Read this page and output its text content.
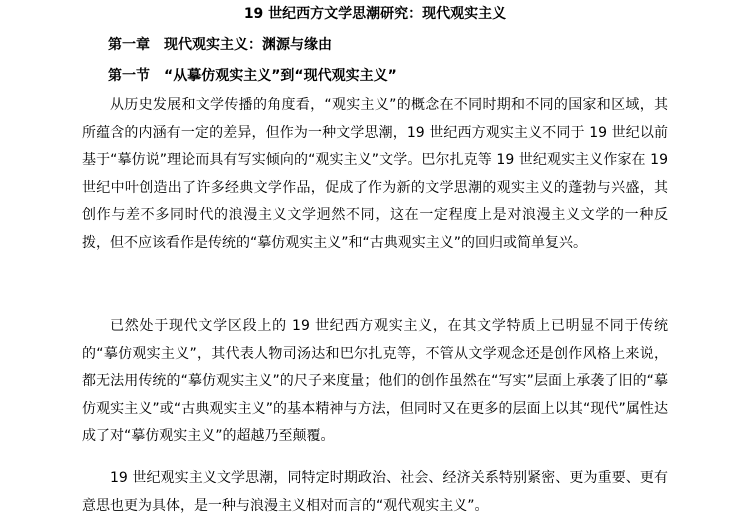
19 世纪西方文学思潮研究：现代观实主义
第一章　现代观实主义：渊源与缘由
第一节　“从摹仿观实主义”到“现代观实主义”

从历史发展和文学传播的角度看，“观实主义”的概念在不同时期和不同的国家和区域，其所蕴含的内涵有一定的差异，但作为一种文学思潮，19 世纪西方观实主义不同于 19 世纪以前基于“摹仿说”理论而具有写实倾向的“观实主义”文学。巴尔扎克等 19 世纪观实主义作家在 19 世纪中叶创造出了许多经典文学作品，促成了作为新的文学思潮的观实主义的蓬勃与兴盛，其创作与差不多同时代的浪漫主义文学迥然不同，这在一定程度上是对浪漫主义文学的一种反拨，但不应该看作是传统的“摹仿观实主义”和“古典观实主义”的回归或简单复兴。

已然处于现代文学区段上的 19 世纪西方观实主义，在其文学特质上已明显不同于传统的“摹仿观实主义”，其代表人物司汤达和巴尔扎克等，不管从文学观念还是创作风格上来说，都无法用传统的“摹仿观实主义”的尺子来度量；他们的创作虽然在“写实”层面上承袭了旧的“摹仿观实主义”或“古典观实主义”的基本精神与方法，但同时又在更多的层面上以其“现代”属性达成了对“摹仿观实主义”的超越乃至颠覆。

19 世纪观实主义文学思潮，同特定时期政治、社会、经济关系特别紧密、更为重要、更有意思也更为具体，是一种与浪漫主义相对而言的“观代观实主义”。
